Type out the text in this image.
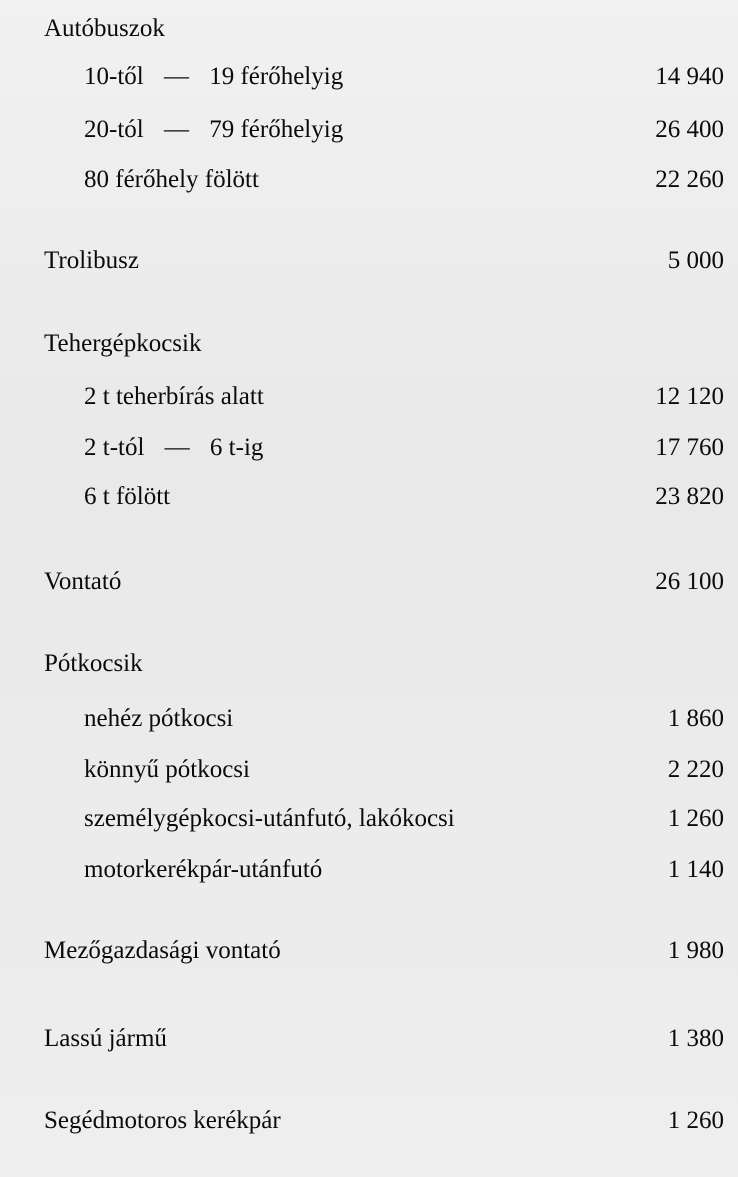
Autóbuszok
10-től — 19 férőhelyig	14 940
20-tól — 79 férőhelyig	26 400
80 férőhely fölött	22 260
Trolibusz	5 000
Tehergépkocsik
2 t teherbírás alatt	12 120
2 t-tól — 6 t-ig	17 760
6 t fölött	23 820
Vontató	26 100
Pótkocsik
nehéz pótkocsi	1 860
könnyű pótkocsi	2 220
személygépkocsi-utánfutó, lakókocsi	1 260
motorkerékpár-utánfutó	1 140
Mezőgazdasági vontató	1 980
Lassú jármű	1 380
Segédmotoros kerékpár	1 260
